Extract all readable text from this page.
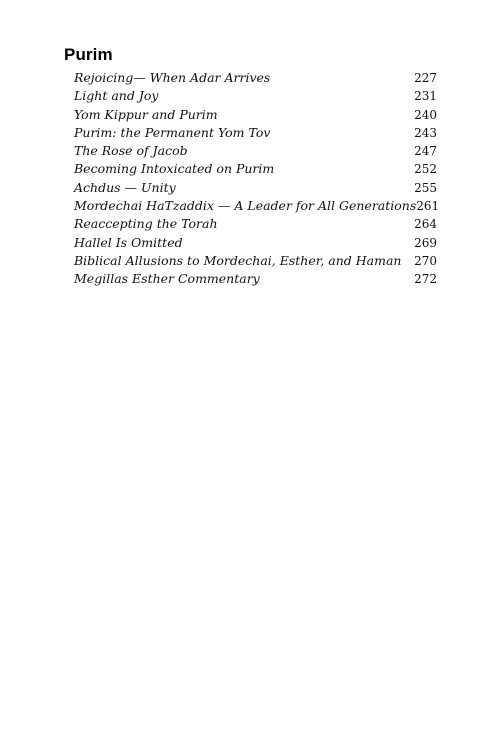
Purim
Rejoicing— When Adar Arrives	227
Light and Joy	231
Yom Kippur and Purim	240
Purim: the Permanent Yom Tov	243
The Rose of Jacob	247
Becoming Intoxicated on Purim	252
Achdus — Unity	255
Mordechai HaTzaddix — A Leader for All Generations 261
Reaccepting the Torah	264
Hallel Is Omitted	269
Biblical Allusions to Mordechai, Esther, and Haman 270
Megillas Esther Commentary	272
